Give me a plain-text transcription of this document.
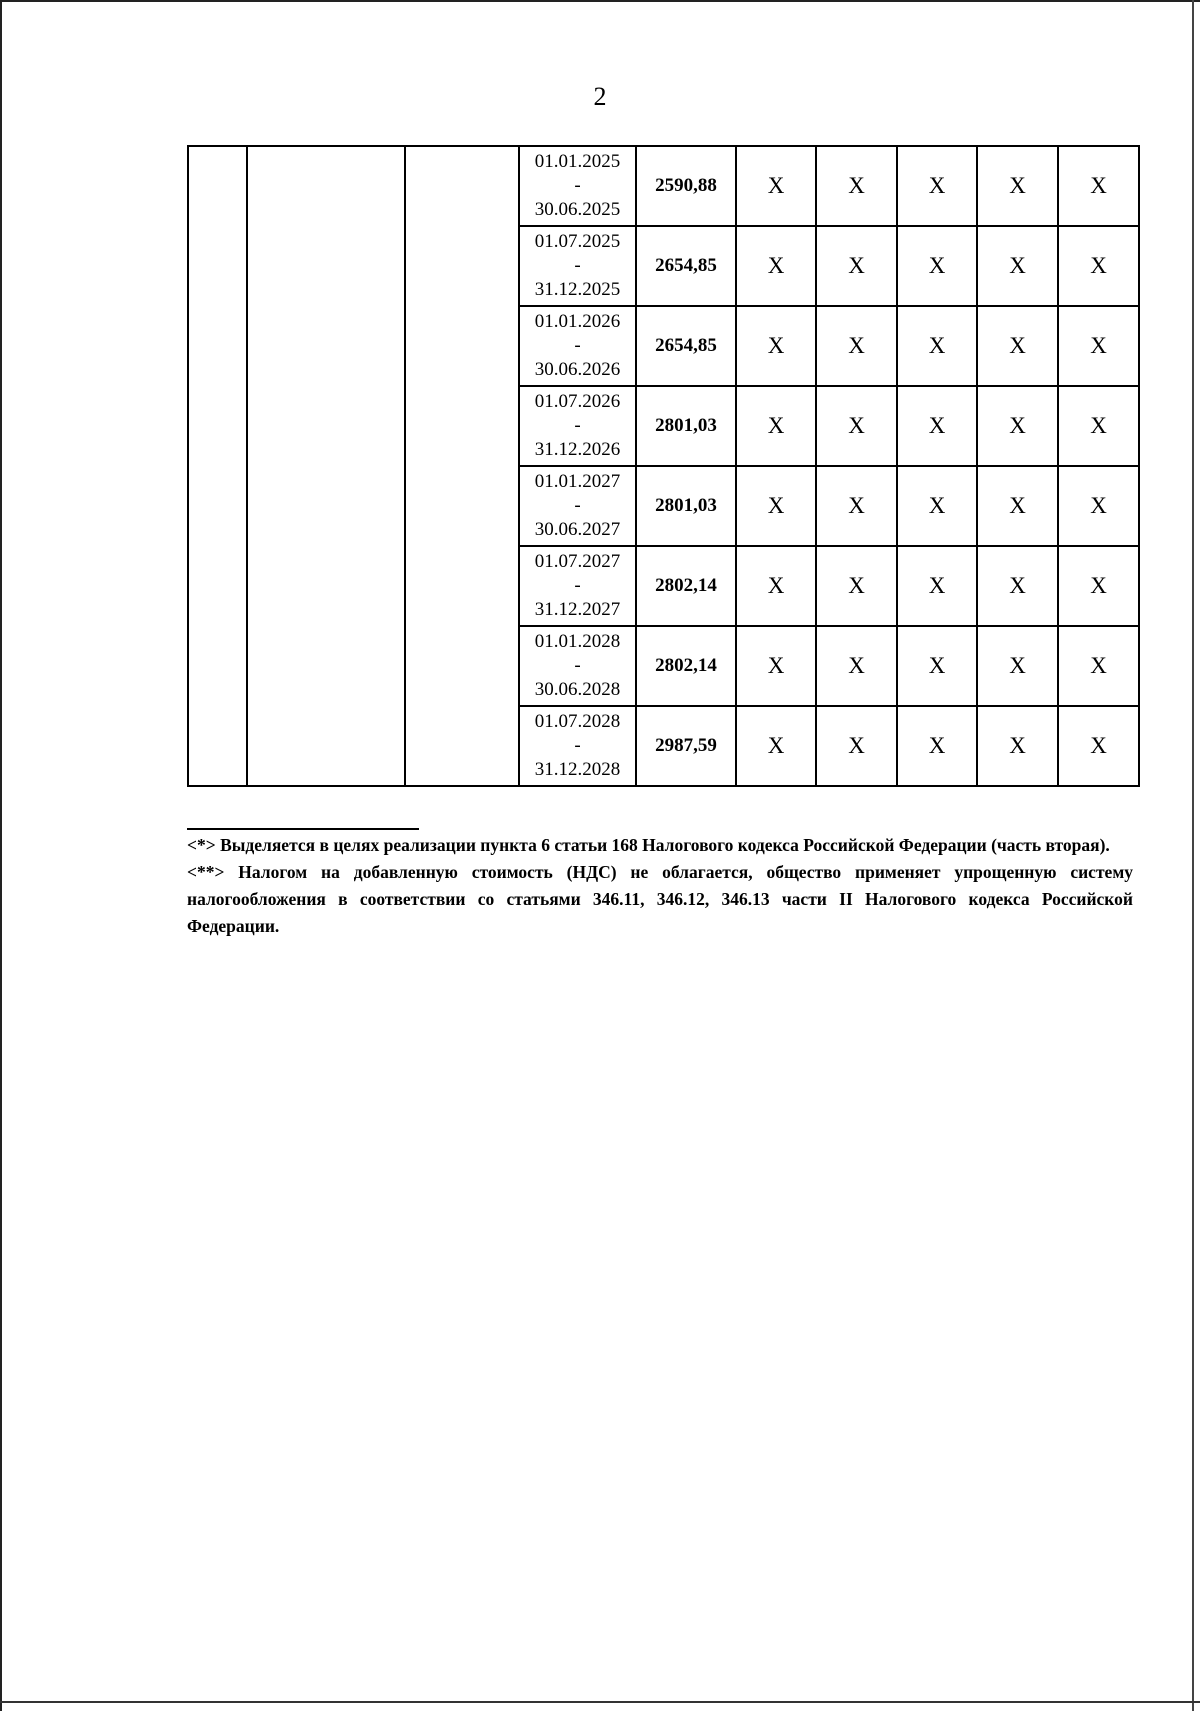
2

			01.01.2025
-
30.06.2025	2590,88	X	X	X	X	X

			01.07.2025
-
31.12.2025	2654,85	X	X	X	X	X

			01.01.2026
-
30.06.2026	2654,85	X	X	X	X	X

			01.07.2026
-
31.12.2026	2801,03	X	X	X	X	X

			01.01.2027
-
30.06.2027	2801,03	X	X	X	X	X

			01.07.2027
-
31.12.2027	2802,14	X	X	X	X	X

			01.01.2028
-
30.06.2028	2802,14	X	X	X	X	X

			01.07.2028
-
31.12.2028	2987,59	X	X	X	X	X

<*> Выделяется в целях реализации пункта 6 статьи 168 Налогового кодекса Российской Федерации (часть вторая).

<**> Налогом на добавленную стоимость (НДС) не облагается, общество применяет упрощенную систему налогообложения в соответствии со статьями 346.11, 346.12, 346.13 части II Налогового кодекса Российской Федерации.
